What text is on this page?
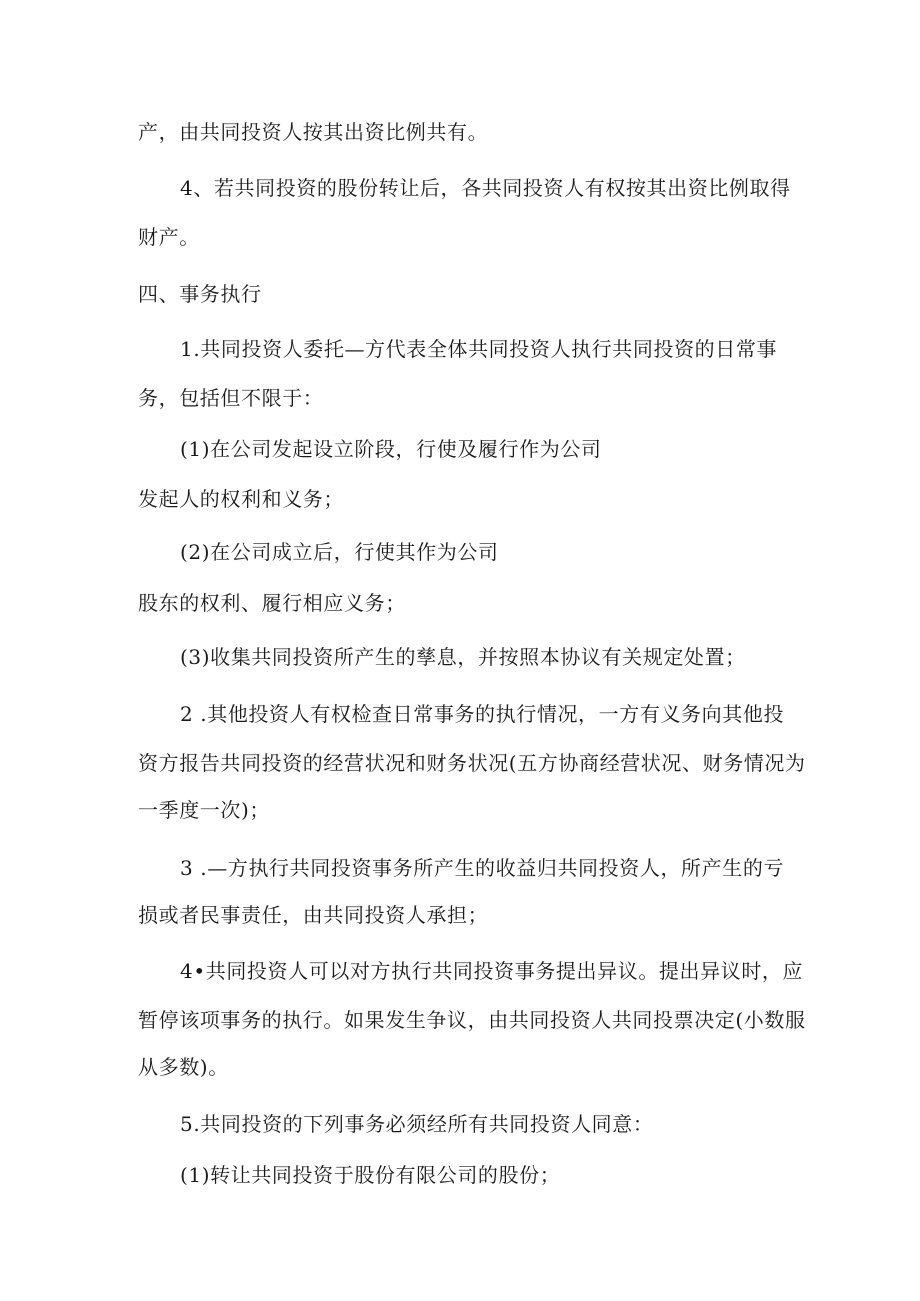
产，由共同投资人按其出资比例共有。
4、若共同投资的股份转让后，各共同投资人有权按其出资比例取得
财产。
四、事务执行
1.共同投资人委托—方代表全体共同投资人执行共同投资的日常事
务，包括但不限于：
(1)在公司发起设立阶段，行使及履行作为公司
发起人的权利和义务；
(2)在公司成立后，行使其作为公司
股东的权利、履行相应义务；
(3)收集共同投资所产生的孳息，并按照本协议有关规定处置；
2 .其他投资人有权检查日常事务的执行情况，一方有义务向其他投
资方报告共同投资的经营状况和财务状况(五方协商经营状况、财务情况为
一季度一次)；
3 .—方执行共同投资事务所产生的收益归共同投资人，所产生的亏
损或者民事责任，由共同投资人承担；
4•共同投资人可以对方执行共同投资事务提出异议。提出异议时，应
暂停该项事务的执行。如果发生争议，由共同投资人共同投票决定(小数服
从多数)。
5.共同投资的下列事务必须经所有共同投资人同意：
(1)转让共同投资于股份有限公司的股份；
